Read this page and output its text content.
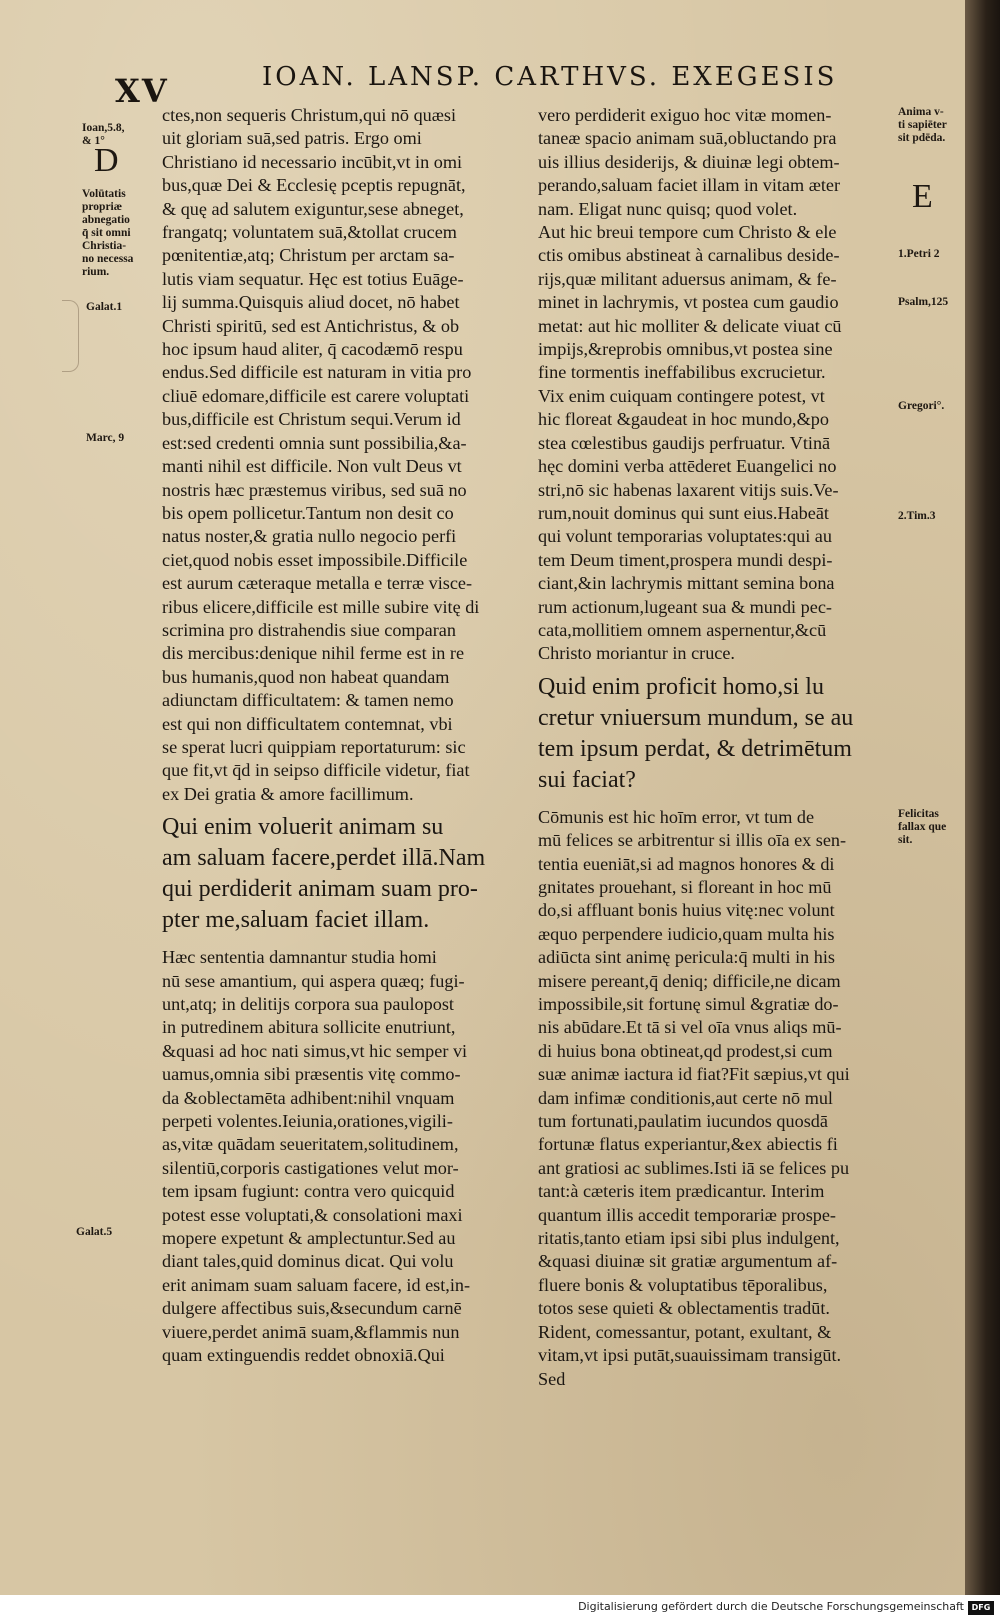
XV	IOAN. LANSP. CARTHVS. EXEGESIS
Ioan,5.8,
& 1°
D
Volūtatis
propriæ
abnegatio
q̄ sit omni
Christia-
no necessa
rium.
Galat.1
Marc, 9
Galat.5
Anima v-
ti sapiēter
sit pdēda.
E
1.Petri 2
Psalm,125
Gregori°.
2.Tim.3
Felicitas
fallax que
sit.
ctes,non sequeris Christum,qui nō quæsi
uit gloriam suā,sed patris. Ergo omi
Christiano id necessario incūbit,vt in omi
bus,quæ Dei & Ecclesię pceptis repugnāt,
& quę ad salutem exiguntur,sese abneget,
frangatq; voluntatem suā,&tollat crucem
pœnitentiæ,atq; Christum per arctam sa-
lutis viam sequatur. Hęc est totius Euāge-
lij summa.Quisquis aliud docet, nō habet
Christi spiritū, sed est Antichristus, & ob
hoc ipsum haud aliter, q̄ cacodæmō respu
endus.Sed difficile est naturam in vitia pro
cliuē edomare,difficile est carere voluptati
bus,difficile est Christum sequi.Verum id
est:sed credenti omnia sunt possibilia,&a-
manti nihil est difficile. Non vult Deus vt
nostris hæc præstemus viribus, sed suā no
bis opem pollicetur.Tantum non desit co
natus noster,& gratia nullo negocio perfi
ciet,quod nobis esset impossibile.Difficile
est aurum cæteraque metalla e terræ visce-
ribus elicere,difficile est mille subire vitę di
scrimina pro distrahendis siue comparan
dis mercibus:denique nihil ferme est in re
bus humanis,quod non habeat quandam
adiunctam difficultatem: & tamen nemo
est qui non difficultatem contemnat, vbi
se sperat lucri quippiam reportaturum: sic
que fit,vt q̄d in seipso difficile videtur, fiat
ex Dei gratia & amore facillimum.
Qui enim voluerit animam su
am saluam facere,perdet illā.Nam
qui perdiderit animam suam pro-
pter me,saluam faciet illam.
Hæc sententia damnantur studia homi
nū sese amantium, qui aspera quæq; fugi-
unt,atq; in delitijs corpora sua paulopost
in putredinem abitura sollicite enutriunt,
&quasi ad hoc nati simus,vt hic semper vi
uamus,omnia sibi præsentis vitę commo-
da &oblectamēta adhibent:nihil vnquam
perpeti volentes.Ieiunia,orationes,vigili-
as,vitæ quādam seueritatem,solitudinem,
silentiū,corporis castigationes velut mor-
tem ipsam fugiunt: contra vero quicquid
potest esse voluptati,& consolationi maxi
mopere expetunt & amplectuntur.Sed au
diant tales,quid dominus dicat. Qui volu
erit animam suam saluam facere, id est,in-
dulgere affectibus suis,&secundum carnē
viuere,perdet animā suam,&flammis nun
quam extinguendis reddet obnoxiā.Qui
vero perdiderit exiguo hoc vitæ momen-
taneæ spacio animam suā,obluctando pra
uis illius desiderijs, & diuinæ legi obtem-
perando,saluam faciet illam in vitam æter
nam. Eligat nunc quisq; quod volet.
Aut hic breui tempore cum Christo & ele
ctis omibus abstineat à carnalibus deside-
rijs,quæ militant aduersus animam, & fe-
minet in lachrymis, vt postea cum gaudio
metat: aut hic molliter & delicate viuat cū
impijs,&reprobis omnibus,vt postea sine
fine tormentis ineffabilibus excrucietur.
Vix enim cuiquam contingere potest, vt
hic floreat &gaudeat in hoc mundo,&po
stea cœlestibus gaudijs perfruatur. Vtinā
hęc domini verba attēderet Euangelici no
stri,nō sic habenas laxarent vitijs suis.Ve-
rum,nouit dominus qui sunt eius.Habeāt
qui volunt temporarias voluptates:qui au
tem Deum timent,prospera mundi despi-
ciant,&in lachrymis mittant semina bona
rum actionum,lugeant sua & mundi pec-
cata,mollitiem omnem aspernentur,&cū
Christo moriantur in cruce.
Quid enim proficit homo,si lu
cretur vniuersum mundum, se au
tem ipsum perdat, & detrimētum
sui faciat?
Cōmunis est hic hoīm error, vt tum de
mū felices se arbitrentur si illis oīa ex sen-
tentia eueniāt,si ad magnos honores & di
gnitates prouehant, si floreant in hoc mū
do,si affluant bonis huius vitę:nec volunt
æquo perpendere iudicio,quam multa his
adiūcta sint animę pericula:q̄ multi in his
misere pereant,q̄ deniq; difficile,ne dicam
impossibile,sit fortunę simul &gratiæ do-
nis abūdare.Et tā si vel oīa vnus aliqs mū-
di huius bona obtineat,qd prodest,si cum
suæ animæ iactura id fiat?Fit sæpius,vt qui
dam infimæ conditionis,aut certe nō mul
tum fortunati,paulatim iucundos quosdā
fortunæ flatus experiantur,&ex abiectis fi
ant gratiosi ac sublimes.Isti iā se felices pu
tant:à cæteris item prædicantur. Interim
quantum illis accedit temporariæ prospe-
ritatis,tanto etiam ipsi sibi plus indulgent,
&quasi diuinæ sit gratiæ argumentum af-
fluere bonis & voluptatibus tēporalibus,
totos sese quieti & oblectamentis tradūt.
Rident, comessantur, potant, exultant, &
vitam,vt ipsi putāt,suauissimam transigūt.
Sed
Digitalisierung gefördert durch die Deutsche Forschungsgemeinschaft DFG
